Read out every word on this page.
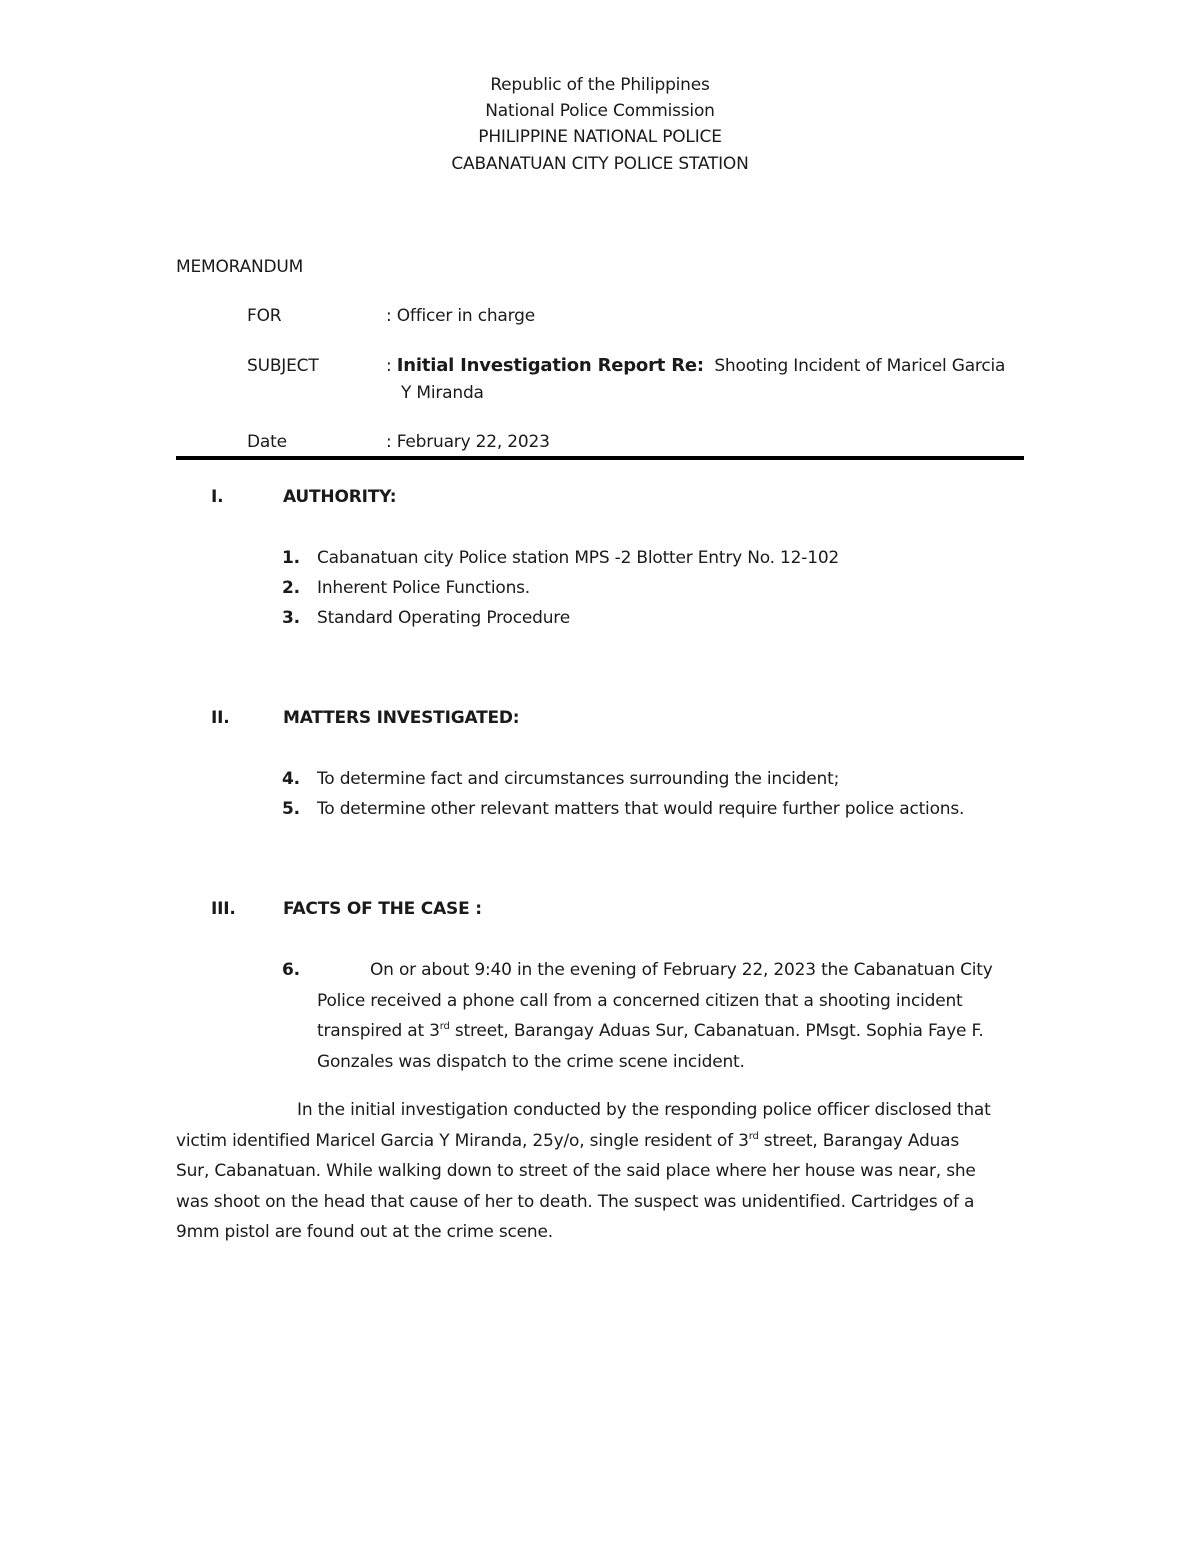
Republic of the Philippines
National Police Commission
PHILIPPINE NATIONAL POLICE
CABANATUAN CITY POLICE STATION
MEMORANDUM
FOR	: Officer in charge
SUBJECT	: Initial Investigation Report Re: Shooting Incident of Maricel Garcia
Y Miranda
Date	: February 22, 2023
I.	AUTHORITY:
1. Cabanatuan city Police station MPS -2 Blotter Entry No. 12-102
2. Inherent Police Functions.
3. Standard Operating Procedure
II.	MATTERS INVESTIGATED:
4. To determine fact and circumstances surrounding the incident;
5. To determine other relevant matters that would require further police actions.
III.	FACTS OF THE CASE :
6.	On or about 9:40 in the evening of February 22, 2023 the Cabanatuan City
Police received a phone call from a concerned citizen that a shooting incident
transpired at 3rd street, Barangay Aduas Sur, Cabanatuan. PMsgt. Sophia Faye F.
Gonzales was dispatch to the crime scene incident.
In the initial investigation conducted by the responding police officer disclosed that
victim identified Maricel Garcia Y Miranda, 25y/o, single resident of 3rd street, Barangay Aduas
Sur, Cabanatuan. While walking down to street of the said place where her house was near, she
was shoot on the head that cause of her to death. The suspect was unidentified. Cartridges of a
9mm pistol are found out at the crime scene.
